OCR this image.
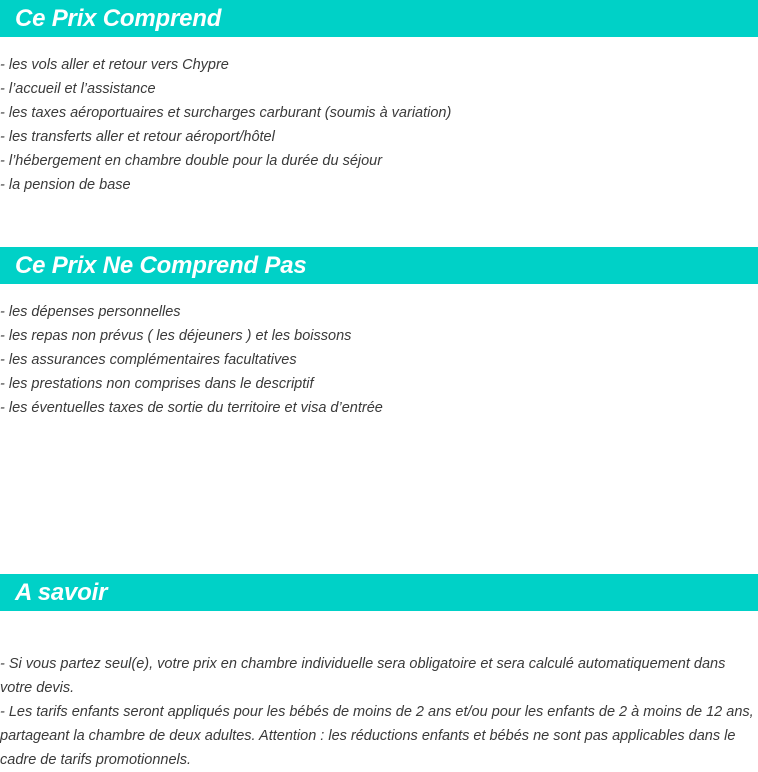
Ce Prix Comprend
- les vols aller et retour vers Chypre
- l’accueil et l’assistance
- les taxes aéroportuaires et surcharges carburant (soumis à variation)
- les transferts aller et retour aéroport/hôtel
- l’hébergement en chambre double pour la durée du séjour
- la pension de base
Ce Prix Ne Comprend Pas
- les dépenses personnelles
- les repas non prévus ( les déjeuners ) et les boissons
- les assurances complémentaires facultatives
- les prestations non comprises dans le descriptif
- les éventuelles taxes de sortie du territoire et visa d’entrée
A savoir

- Si vous partez seul(e), votre prix en chambre individuelle sera obligatoire et sera calculé automatiquement dans votre devis.

- Les tarifs enfants seront appliqués pour les bébés de moins de 2 ans et/ou pour les enfants de 2 à moins de 12 ans, partageant la chambre de deux adultes. Attention : les réductions enfants et bébés ne sont pas applicables dans le cadre de tarifs promotionnels.
